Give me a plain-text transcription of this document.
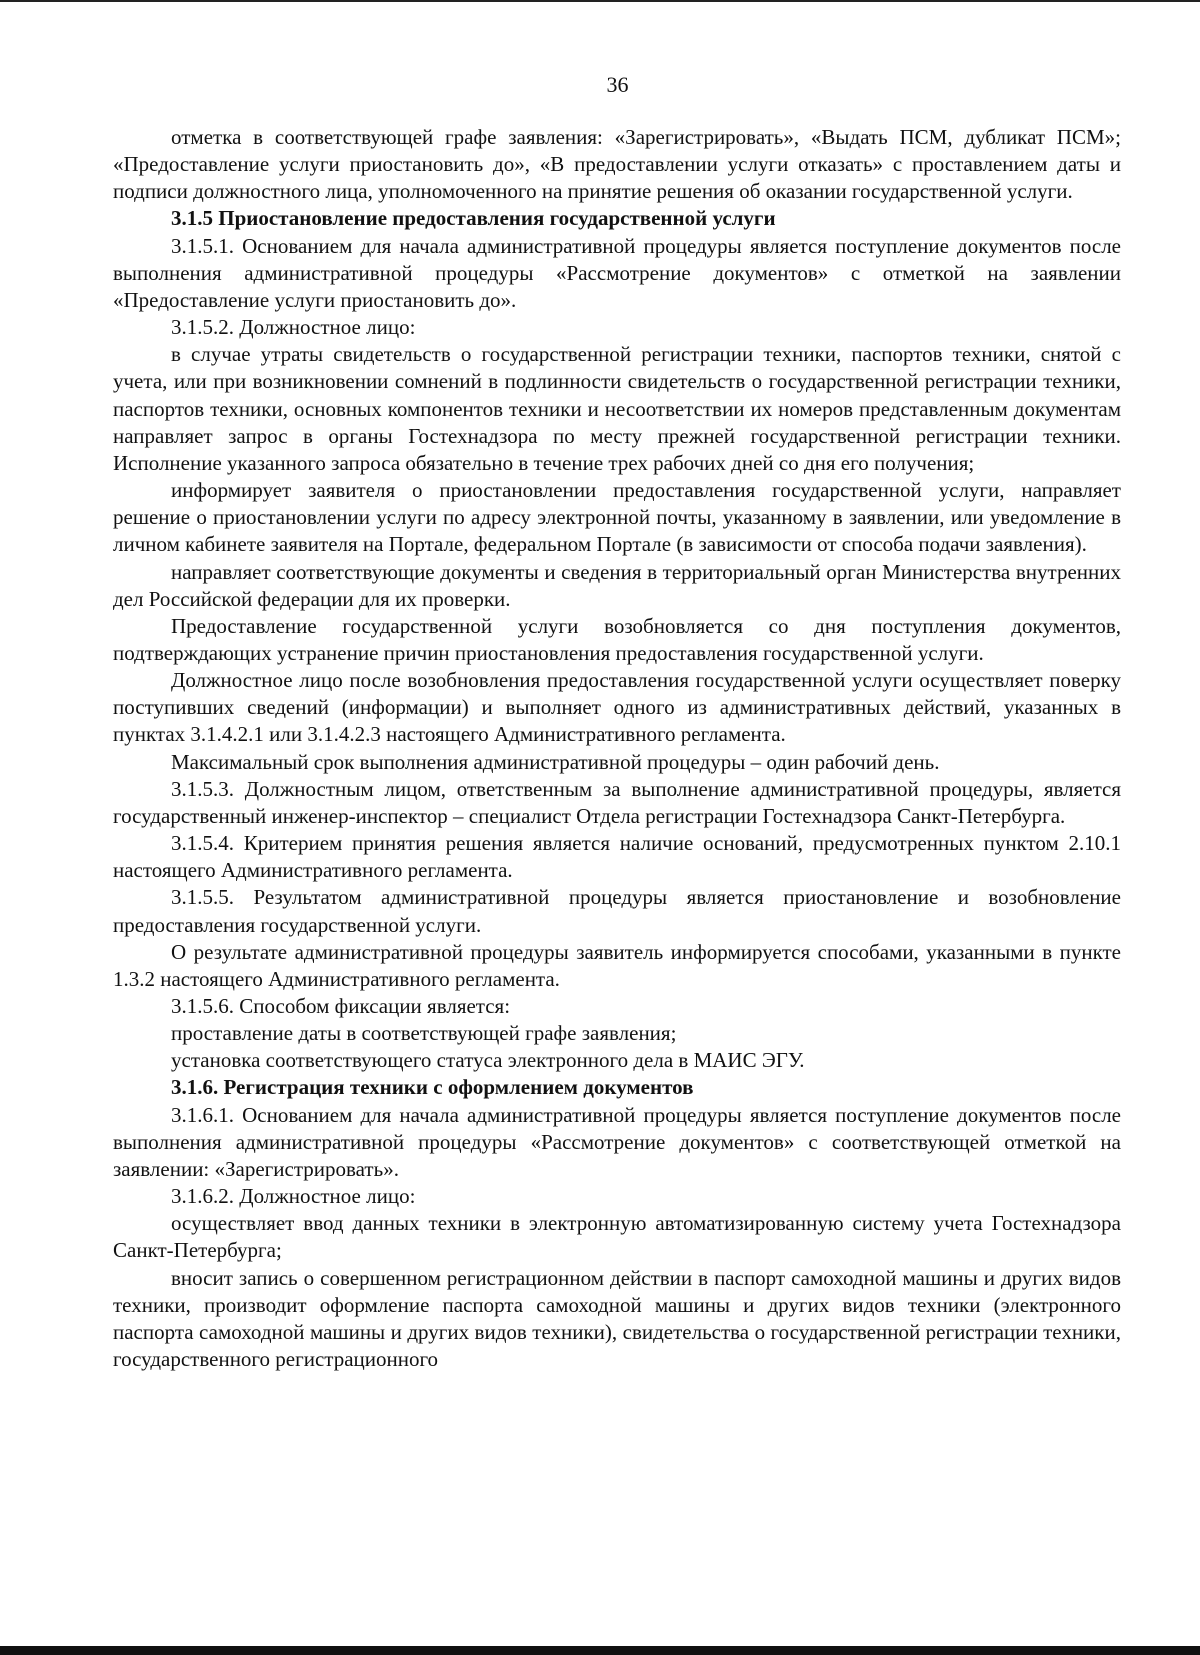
36

отметка в соответствующей графе заявления: «Зарегистрировать», «Выдать ПСМ, дубликат ПСМ»; «Предоставление услуги приостановить до», «В предоставлении услуги отказать» с проставлением даты и подписи должностного лица, уполномоченного на принятие решения об оказании государственной услуги.

3.1.5 Приостановление предоставления государственной услуги

3.1.5.1. Основанием для начала административной процедуры является поступление документов после выполнения административной процедуры «Рассмотрение документов» с отметкой на заявлении «Предоставление услуги приостановить до».

3.1.5.2. Должностное лицо:

в случае утраты свидетельств о государственной регистрации техники, паспортов техники, снятой с учета, или при возникновении сомнений в подлинности свидетельств о государственной регистрации техники, паспортов техники, основных компонентов техники и несоответствии их номеров представленным документам направляет запрос в органы Гостехнадзора по месту прежней государственной регистрации техники. Исполнение указанного запроса обязательно в течение трех рабочих дней со дня его получения;

информирует заявителя о приостановлении предоставления государственной услуги, направляет решение о приостановлении услуги по адресу электронной почты, указанному в заявлении, или уведомление в личном кабинете заявителя на Портале, федеральном Портале (в зависимости от способа подачи заявления).

направляет соответствующие документы и сведения в территориальный орган Министерства внутренних дел Российской федерации для их проверки.

Предоставление государственной услуги возобновляется со дня поступления документов, подтверждающих устранение причин приостановления предоставления государственной услуги.

Должностное лицо после возобновления предоставления государственной услуги осуществляет поверку поступивших сведений (информации) и выполняет одного из административных действий, указанных в пунктах 3.1.4.2.1 или 3.1.4.2.3 настоящего Административного регламента.

Максимальный срок выполнения административной процедуры – один рабочий день.

3.1.5.3. Должностным лицом, ответственным за выполнение административной процедуры, является государственный инженер-инспектор – специалист Отдела регистрации Гостехнадзора Санкт-Петербурга.

3.1.5.4. Критерием принятия решения является наличие оснований, предусмотренных пунктом 2.10.1 настоящего Административного регламента.

3.1.5.5. Результатом административной процедуры является приостановление и возобновление предоставления государственной услуги.

О результате административной процедуры заявитель информируется способами, указанными в пункте 1.3.2 настоящего Административного регламента.

3.1.5.6. Способом фиксации является:

проставление даты в соответствующей графе заявления;

установка соответствующего статуса электронного дела в МАИС ЭГУ.

3.1.6. Регистрация техники с оформлением документов

3.1.6.1. Основанием для начала административной процедуры является поступление документов после выполнения административной процедуры «Рассмотрение документов» с соответствующей отметкой на заявлении: «Зарегистрировать».

3.1.6.2. Должностное лицо:

осуществляет ввод данных техники в электронную автоматизированную систему учета Гостехнадзора Санкт-Петербурга;

вносит запись о совершенном регистрационном действии в паспорт самоходной машины и других видов техники, производит оформление паспорта самоходной машины и других видов техники (электронного паспорта самоходной машины и других видов техники), свидетельства о государственной регистрации техники, государственного регистрационного
